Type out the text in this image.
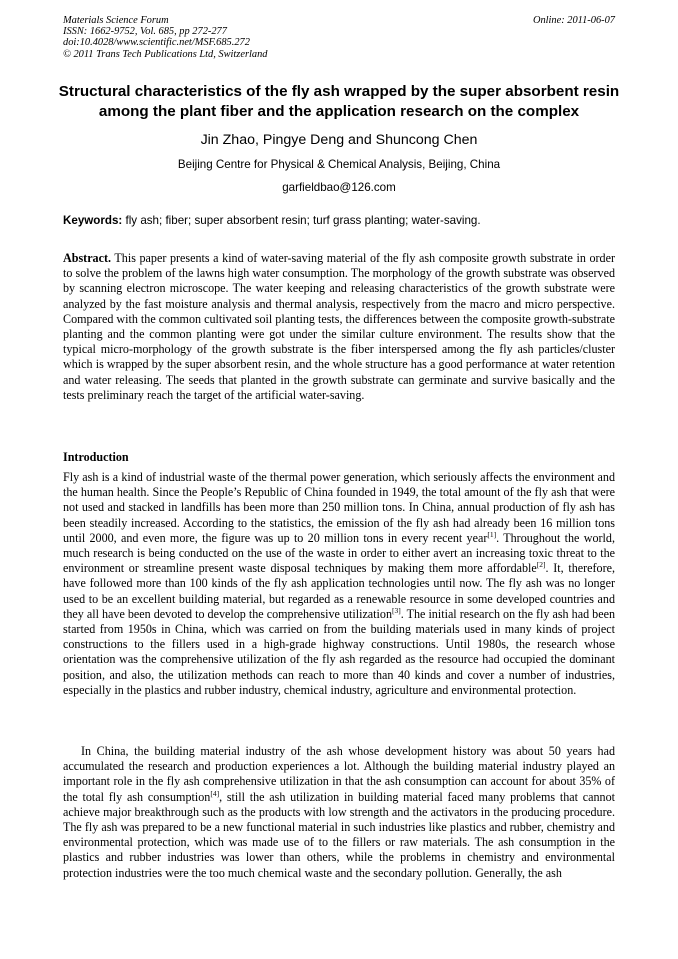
Materials Science Forum
ISSN: 1662-9752, Vol. 685, pp 272-277
doi:10.4028/www.scientific.net/MSF.685.272
© 2011 Trans Tech Publications Ltd, Switzerland
Online: 2011-06-07
Structural characteristics of the fly ash wrapped by the super absorbent resin among the plant fiber and the application research on the complex
Jin Zhao, Pingye Deng and Shuncong Chen
Beijing Centre for Physical & Chemical Analysis, Beijing, China
garfieldbao@126.com
Keywords: fly ash; fiber; super absorbent resin; turf grass planting; water-saving.
Abstract. This paper presents a kind of water-saving material of the fly ash composite growth substrate in order to solve the problem of the lawns high water consumption. The morphology of the growth substrate was observed by scanning electron microscope. The water keeping and releasing characteristics of the growth substrate were analyzed by the fast moisture analysis and thermal analysis, respectively from the macro and micro perspective. Compared with the common cultivated soil planting tests, the differences between the composite growth-substrate planting and the common planting were got under the similar culture environment. The results show that the typical micro-morphology of the growth substrate is the fiber interspersed among the fly ash particles/cluster which is wrapped by the super absorbent resin, and the whole structure has a good performance at water retention and water releasing. The seeds that planted in the growth substrate can germinate and survive basically and the tests preliminary reach the target of the artificial water-saving.
Introduction
Fly ash is a kind of industrial waste of the thermal power generation, which seriously affects the environment and the human health. Since the People’s Republic of China founded in 1949, the total amount of the fly ash that were not used and stacked in landfills has been more than 250 million tons. In China, annual production of fly ash has been steadily increased. According to the statistics, the emission of the fly ash had already been 16 million tons until 2000, and even more, the figure was up to 20 million tons in every recent year[1]. Throughout the world, much research is being conducted on the use of the waste in order to either avert an increasing toxic threat to the environment or streamline present waste disposal techniques by making them more affordable[2]. It, therefore, have followed more than 100 kinds of the fly ash application technologies until now. The fly ash was no longer used to be an excellent building material, but regarded as a renewable resource in some developed countries and they all have been devoted to develop the comprehensive utilization[3]. The initial research on the fly ash had been started from 1950s in China, which was carried on from the building materials used in many kinds of project constructions to the fillers used in a high-grade highway constructions. Until 1980s, the research whose orientation was the comprehensive utilization of the fly ash regarded as the resource had occupied the dominant position, and also, the utilization methods can reach to more than 40 kinds and cover a number of industries, especially in the plastics and rubber industry, chemical industry, agriculture and environmental protection.
In China, the building material industry of the ash whose development history was about 50 years had accumulated the research and production experiences a lot. Although the building material industry played an important role in the fly ash comprehensive utilization in that the ash consumption can account for about 35% of the total fly ash consumption[4], still the ash utilization in building material faced many problems that cannot achieve major breakthrough such as the products with low strength and the activators in the producing procedure. The fly ash was prepared to be a new functional material in such industries like plastics and rubber, chemistry and environmental protection, which was made use of to the fillers or raw materials. The ash consumption in the plastics and rubber industries was lower than others, while the problems in chemistry and environmental protection industries were the too much chemical waste and the secondary pollution. Generally, the ash
